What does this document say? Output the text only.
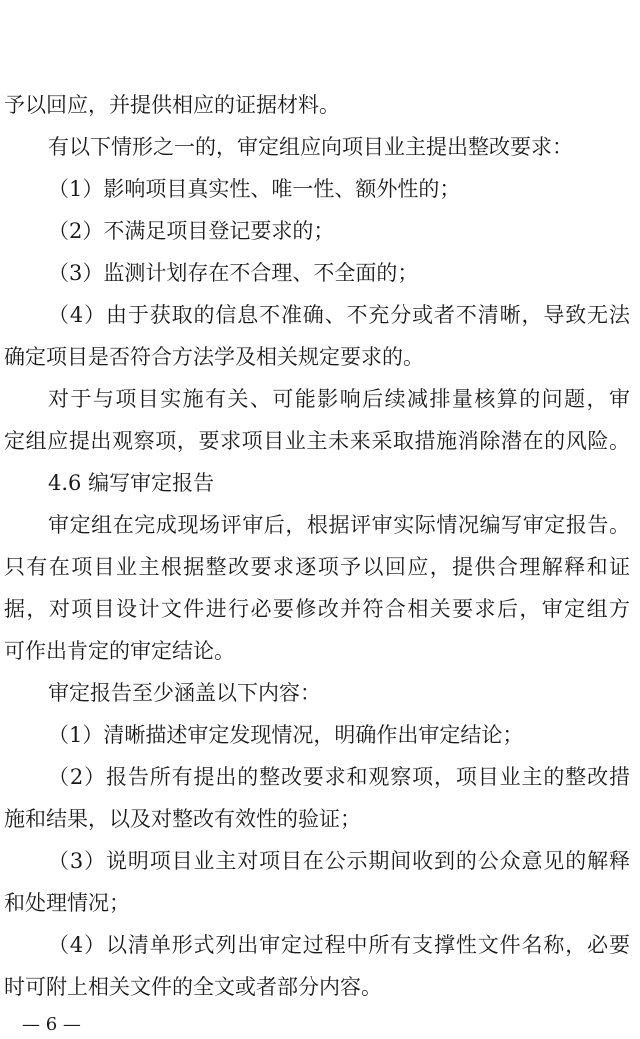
予以回应，并提供相应的证据材料。
有以下情形之一的，审定组应向项目业主提出整改要求：
（1）影响项目真实性、唯一性、额外性的；
（2）不满足项目登记要求的；
（3）监测计划存在不合理、不全面的；
（4）由于获取的信息不准确、不充分或者不清晰，导致无法
确定项目是否符合方法学及相关规定要求的。
对于与项目实施有关、可能影响后续减排量核算的问题，审
定组应提出观察项，要求项目业主未来采取措施消除潜在的风险。
4.6 编写审定报告
审定组在完成现场评审后，根据评审实际情况编写审定报告。
只有在项目业主根据整改要求逐项予以回应，提供合理解释和证
据，对项目设计文件进行必要修改并符合相关要求后，审定组方
可作出肯定的审定结论。
审定报告至少涵盖以下内容：
（1）清晰描述审定发现情况，明确作出审定结论；
（2）报告所有提出的整改要求和观察项，项目业主的整改措
施和结果，以及对整改有效性的验证；
（3）说明项目业主对项目在公示期间收到的公众意见的解释
和处理情况；
（4）以清单形式列出审定过程中所有支撑性文件名称，必要
时可附上相关文件的全文或者部分内容。
— 6 —
